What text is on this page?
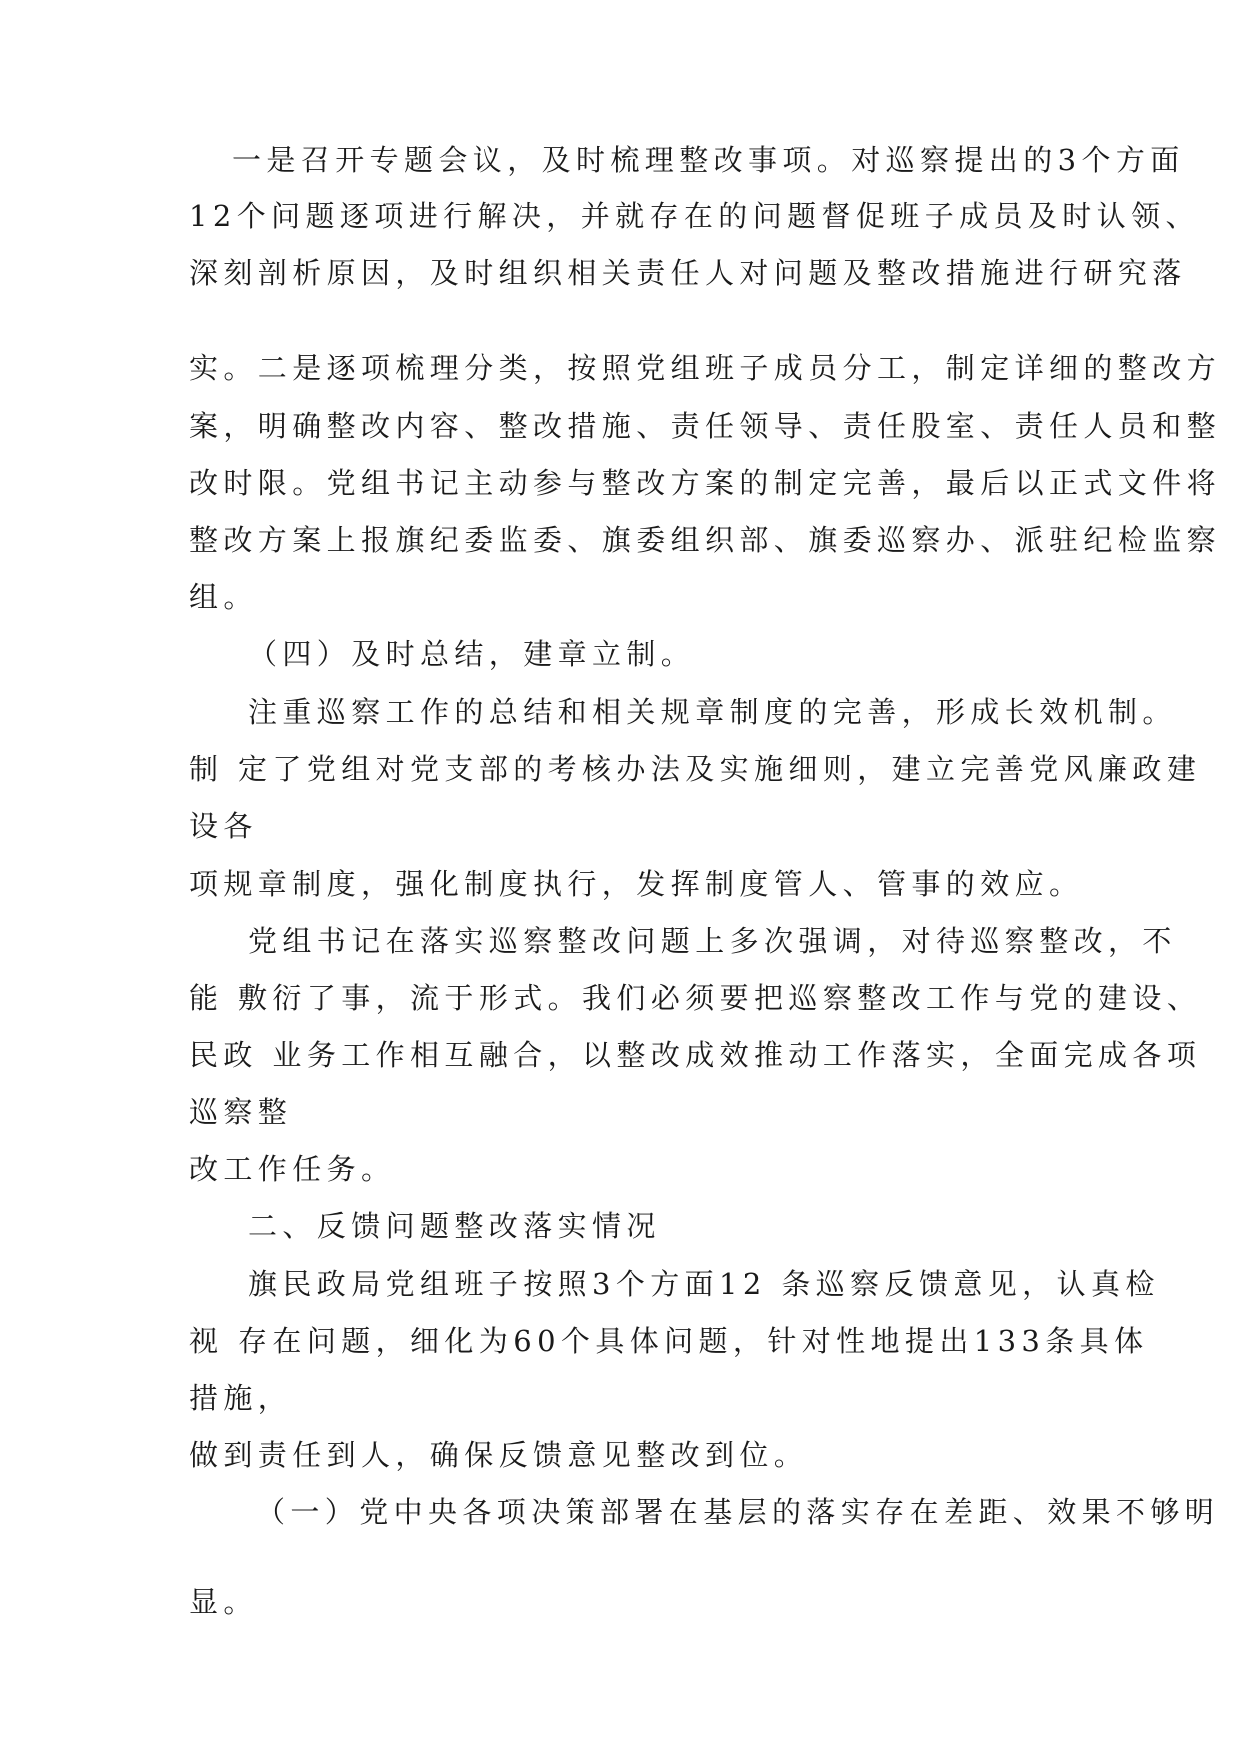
一是召开专题会议，及时梳理整改事项。对巡察提出的3个方面

12个问题逐项进行解决，并就存在的问题督促班子成员及时认领、

深刻剖析原因，及时组织相关责任人对问题及整改措施进行研究落

实。二是逐项梳理分类，按照党组班子成员分工，制定详细的整改方

案，明确整改内容、整改措施、责任领导、责任股室、责任人员和整

改时限。党组书记主动参与整改方案的制定完善，最后以正式文件将

整改方案上报旗纪委监委、旗委组织部、旗委巡察办、派驻纪检监察

组。

（四）及时总结，建章立制。

注重巡察工作的总结和相关规章制度的完善，形成长效机制。

制 定了党组对党支部的考核办法及实施细则，建立完善党风廉政建

设各

项规章制度，强化制度执行，发挥制度管人、管事的效应。

党组书记在落实巡察整改问题上多次强调，对待巡察整改，不

能 敷衍了事，流于形式。我们必须要把巡察整改工作与党的建设、

民政 业务工作相互融合，以整改成效推动工作落实，全面完成各项

巡察整

改工作任务。

二、反馈问题整改落实情况

旗民政局党组班子按照3个方面12 条巡察反馈意见，认真检

视 存在问题，细化为60个具体问题，针对性地提出133条具体

措施，

做到责任到人，确保反馈意见整改到位。

（一）党中央各项决策部署在基层的落实存在差距、效果不够明

显。
